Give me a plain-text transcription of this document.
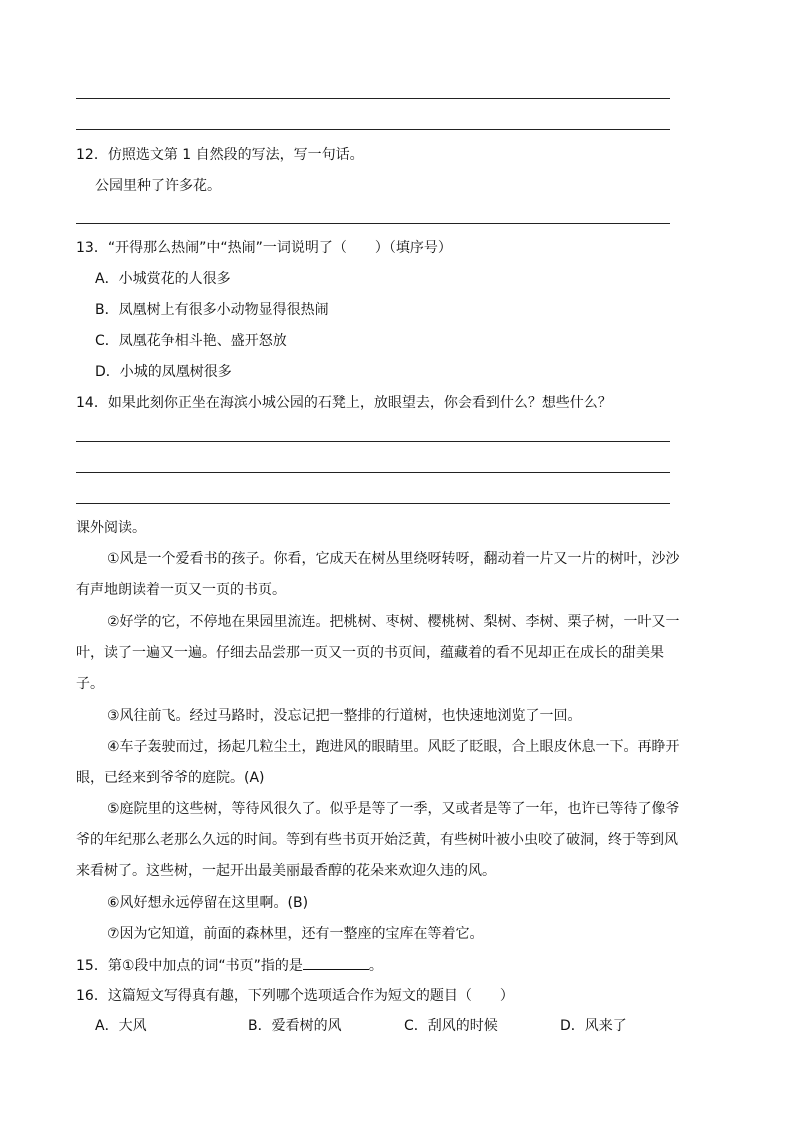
12．仿照选文第 1 自然段的写法，写一句话。
公园里种了许多花。
13．“开得那么热闹”中“热闹”一词说明了（　　）（填序号）
A．小城赏花的人很多
B．凤凰树上有很多小动物显得很热闹
C．凤凰花争相斗艳、盛开怒放
D．小城的凤凰树很多
14．如果此刻你正坐在海滨小城公园的石凳上，放眼望去，你会看到什么？想些什么？
课外阅读。
①风是一个爱看书的孩子。你看，它成天在树丛里绕呀转呀，翻动着一片又一片的树叶，沙沙
有声地朗读着一页又一页的书页。
②好学的它，不停地在果园里流连。把桃树、枣树、樱桃树、梨树、李树、栗子树，一叶又一
叶，读了一遍又一遍。仔细去品尝那一页又一页的书页间，蕴藏着的看不见却正在成长的甜美果
子。
③风往前飞。经过马路时，没忘记把一整排的行道树，也快速地浏览了一回。
④车子轰驶而过，扬起几粒尘土，跑进风的眼睛里。风眨了眨眼，合上眼皮休息一下。再睁开
眼，已经来到爷爷的庭院。(A)
⑤庭院里的这些树，等待风很久了。似乎是等了一季，又或者是等了一年，也许已等待了像爷
爷的年纪那么老那么久远的时间。等到有些书页开始泛黄，有些树叶被小虫咬了破洞，终于等到风
来看树了。这些树，一起开出最美丽最香醇的花朵来欢迎久违的风。
⑥风好想永远停留在这里啊。(B)
⑦因为它知道，前面的森林里，还有一整座的宝库在等着它。
15．第①段中加点的词“书页”指的是	。
16．这篇短文写得真有趣，下列哪个选项适合作为短文的题目（　　）
A．大风	B．爱看树的风	C．刮风的时候	D．风来了
